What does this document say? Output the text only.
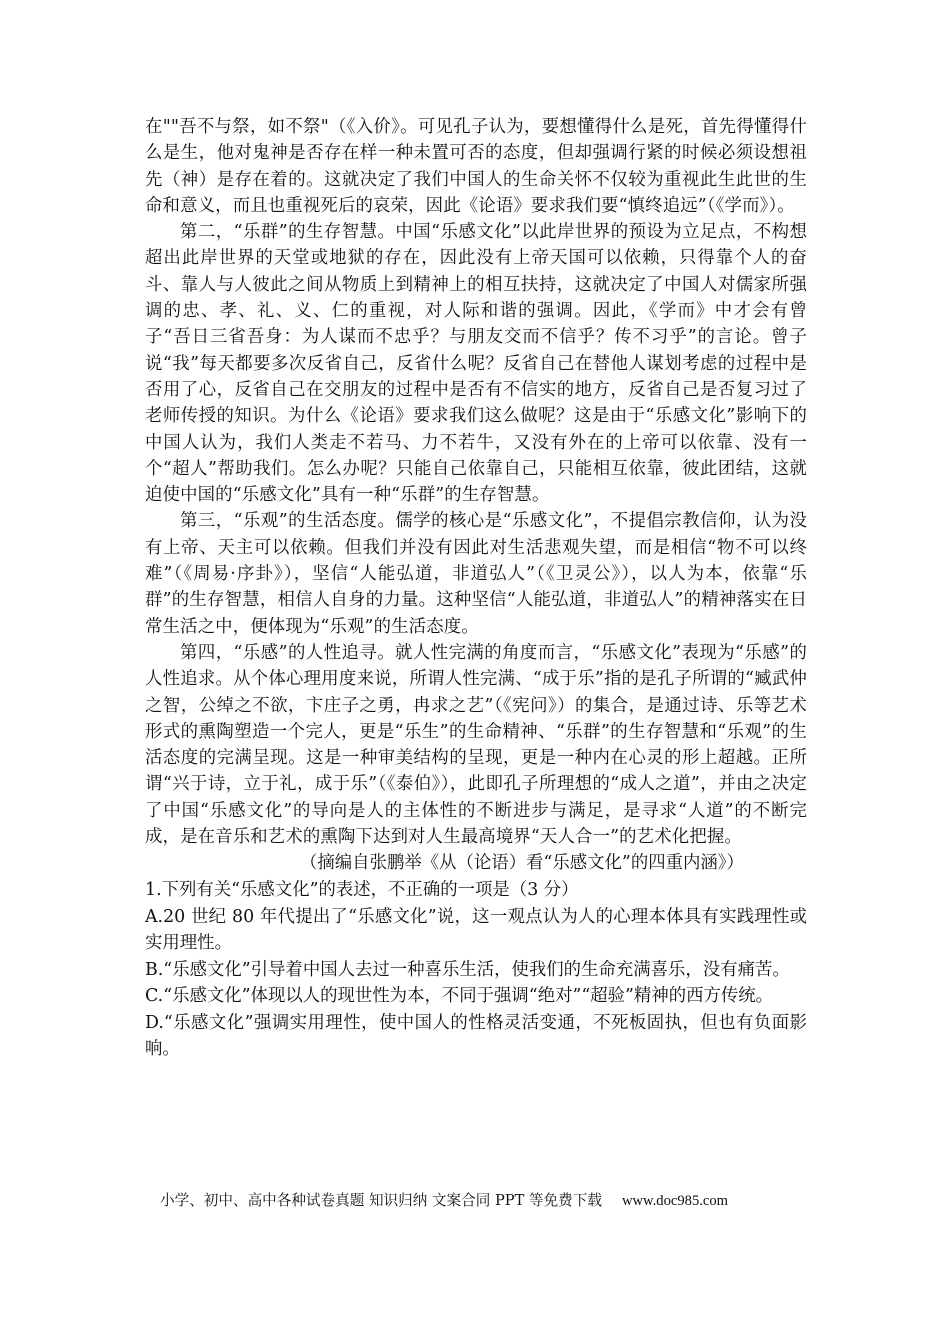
在""吾不与祭，如不祭"（《入价》。可见孔子认为，要想懂得什么是死，首先得懂得什么是生，他对鬼神是否存在样一种未置可否的态度，但却强调行紧的时候必须设想祖先（神）是存在着的。这就决定了我们中国人的生命关怀不仅较为重视此生此世的生命和意义，而且也重视死后的哀荣，因此《论语》要求我们要“慎终追远”（《学而》）。

第二，“乐群”的生存智慧。中国“乐感文化”以此岸世界的预设为立足点，不构想超出此岸世界的天堂或地狱的存在，因此没有上帝天国可以依赖，只得靠个人的奋斗、靠人与人彼此之间从物质上到精神上的相互扶持，这就决定了中国人对儒家所强调的忠、孝、礼、义、仁的重视，对人际和谐的强调。因此，《学而》中才会有曾子“吾日三省吾身：为人谋而不忠乎？与朋友交而不信乎？传不习乎”的言论。曾子说“我”每天都要多次反省自己，反省什么呢？反省自己在替他人谋划考虑的过程中是否用了心，反省自己在交朋友的过程中是否有不信实的地方，反省自己是否复习过了老师传授的知识。为什么《论语》要求我们这么做呢？这是由于“乐感文化”影响下的中国人认为，我们人类走不若马、力不若牛，又没有外在的上帝可以依靠、没有一个“超人”帮助我们。怎么办呢？只能自己依靠自己，只能相互依靠，彼此团结，这就迫使中国的“乐感文化”具有一种“乐群”的生存智慧。

第三，“乐观”的生活态度。儒学的核心是“乐感文化”，不提倡宗教信仰，认为没有上帝、天主可以依赖。但我们并没有因此对生活悲观失望，而是相信“物不可以终难”（《周易·序卦》），坚信“人能弘道，非道弘人”（《卫灵公》），以人为本，依靠“乐群”的生存智慧，相信人自身的力量。这种坚信“人能弘道，非道弘人”的精神落实在日常生活之中，便体现为“乐观”的生活态度。

第四，“乐感”的人性追寻。就人性完满的角度而言，“乐感文化”表现为“乐感”的人性追求。从个体心理用度来说，所谓人性完满、“成于乐”指的是孔子所谓的“臧武仲之智，公绰之不欲，卞庄子之勇，冉求之艺”（《宪问》）的集合，是通过诗、乐等艺术形式的熏陶塑造一个完人，更是“乐生”的生命精神、“乐群”的生存智慧和“乐观”的生活态度的完满呈现。这是一种审美结构的呈现，更是一种内在心灵的形上超越。正所谓“兴于诗，立于礼，成于乐”（《泰伯》），此即孔子所理想的“成人之道”，并由之决定了中国“乐感文化”的导向是人的主体性的不断进步与满足，是寻求“人道”的不断完成，是在音乐和艺术的熏陶下达到对人生最高境界“天人合一”的艺术化把握。

（摘编自张鹏举《从（论语）看“乐感文化”的四重内涵》）

1.下列有关“乐感文化”的表述，不正确的一项是（3 分）

A.20 世纪 80 年代提出了“乐感文化”说，这一观点认为人的心理本体具有实践理性或实用理性。

B.“乐感文化”引导着中国人去过一种喜乐生活，使我们的生命充满喜乐，没有痛苦。

C.“乐感文化”体现以人的现世性为本，不同于强调“绝对”“超验”精神的西方传统。

D.“乐感文化”强调实用理性，使中国人的性格灵活变通，不死板固执，但也有负面影响。

小学、初中、高中各种试卷真题 知识归纳 文案合同 PPT 等免费下载 www.doc985.com
